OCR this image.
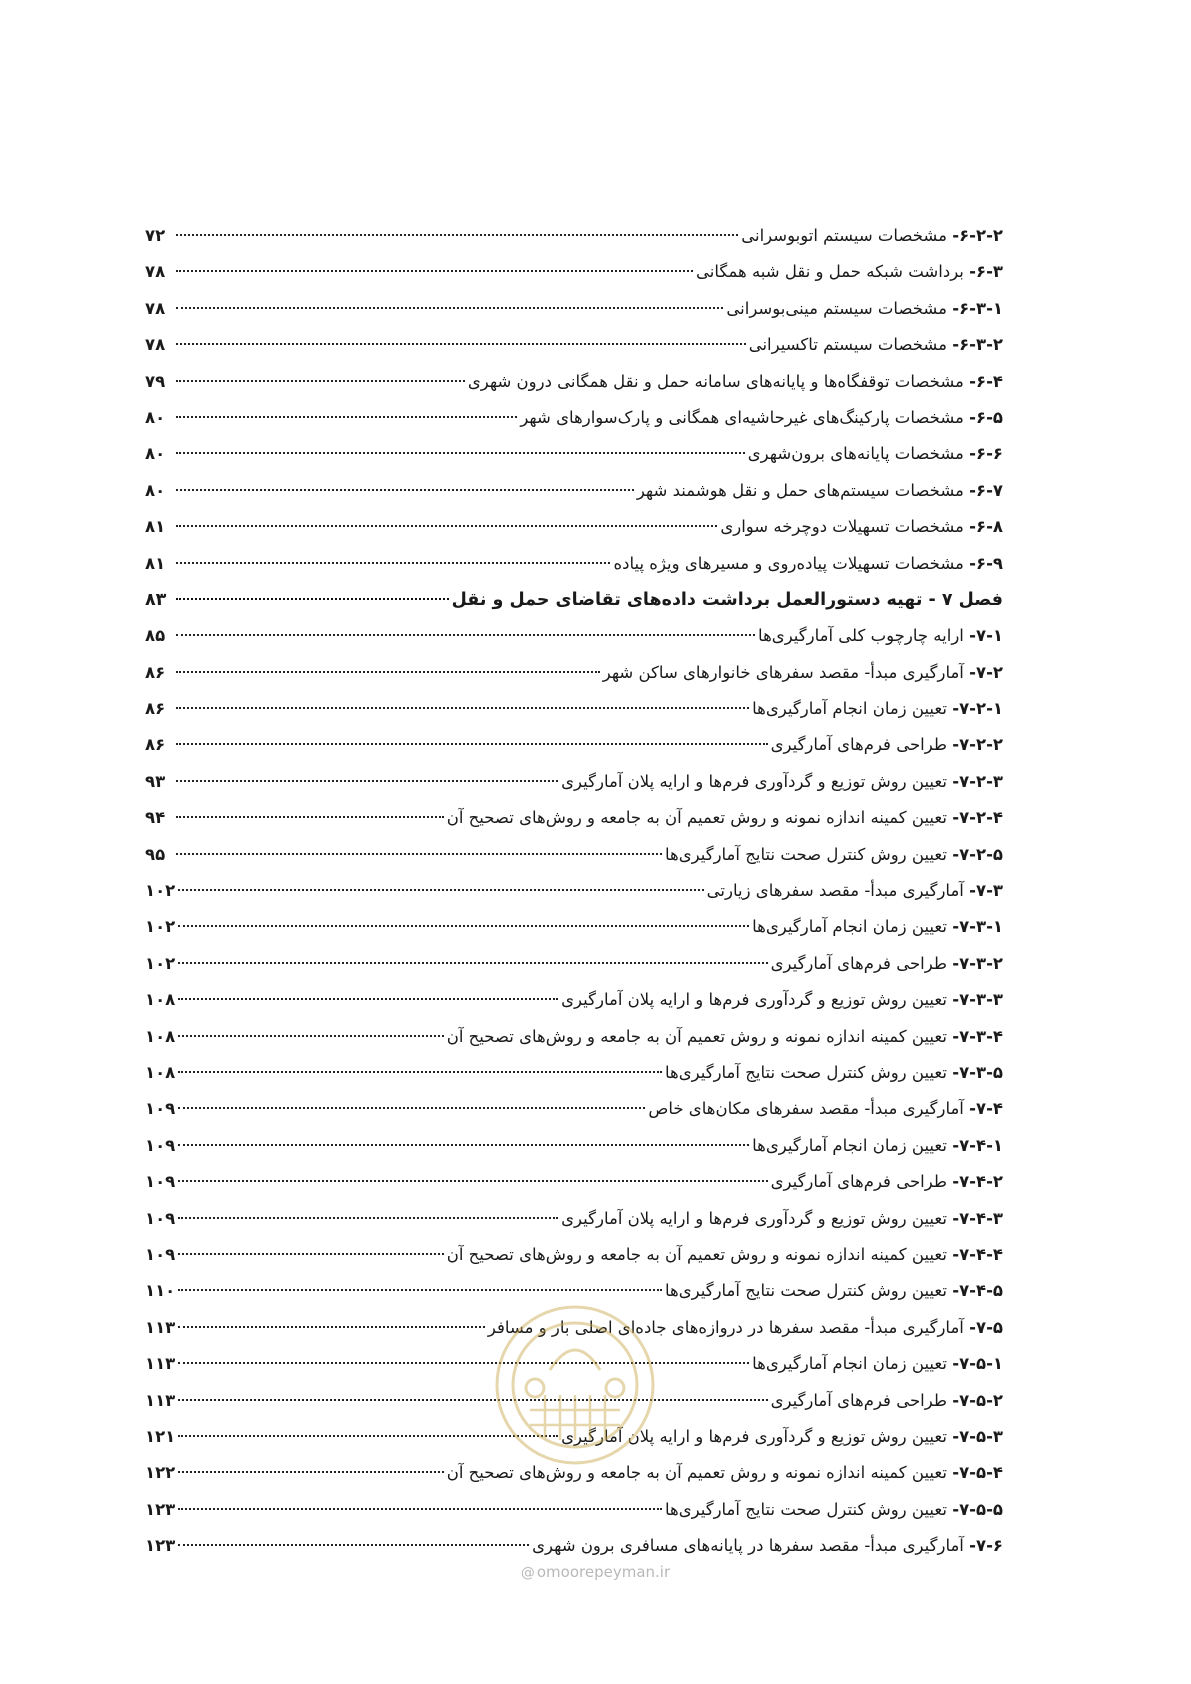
۶-۲-۲- مشخصات سیستم اتوبوسرانی
۷۲
۶-۳- برداشت شبکه حمل و نقل شبه همگانی
۷۸
۶-۳-۱- مشخصات سیستم مینی‌بوسرانی
۷۸
۶-۳-۲- مشخصات سیستم تاکسیرانی
۷۸
۶-۴- مشخصات توقفگاه‌ها و پایانه‌های سامانه حمل و نقل همگانی درون شهری
۷۹
۶-۵- مشخصات پارکینگ‌های غیرحاشیه‌ای همگانی و پارک‌سوارهای شهر
۸۰
۶-۶- مشخصات پایانه‌های برون‌شهری
۸۰
۶-۷- مشخصات سیستم‌های حمل و نقل هوشمند شهر
۸۰
۶-۸- مشخصات تسهیلات دوچرخه سواری
۸۱
۶-۹- مشخصات تسهیلات پیاده‌روی و مسیرهای ویژه پیاده
۸۱
فصل ۷ - تهیه دستورالعمل برداشت داده‌های تقاضای حمل و نقل
۸۳
۷-۱- ارایه چارچوب کلی آمارگیری‌ها
۸۵
۷-۲- آمارگیری مبدأ- مقصد سفرهای خانوارهای ساکن شهر
۸۶
۷-۲-۱- تعیین زمان انجام آمارگیری‌ها
۸۶
۷-۲-۲- طراحی فرم‌های آمارگیری
۸۶
۷-۲-۳- تعیین روش توزیع و گردآوری فرم‌ها و ارایه پلان آمارگیری
۹۳
۷-۲-۴- تعیین کمینه اندازه نمونه و روش تعمیم آن به جامعه و روش‌های تصحیح آن
۹۴
۷-۲-۵- تعیین روش کنترل صحت نتایج آمارگیری‌ها
۹۵
۷-۳- آمارگیری مبدأ- مقصد سفرهای زیارتی
۱۰۲
۷-۳-۱- تعیین زمان انجام آمارگیری‌ها
۱۰۲
۷-۳-۲- طراحی فرم‌های آمارگیری
۱۰۲
۷-۳-۳- تعیین روش توزیع و گردآوری فرم‌ها و ارایه پلان آمارگیری
۱۰۸
۷-۳-۴- تعیین کمینه اندازه نمونه و روش تعمیم آن به جامعه و روش‌های تصحیح آن
۱۰۸
۷-۳-۵- تعیین روش کنترل صحت نتایج آمارگیری‌ها
۱۰۸
۷-۴- آمارگیری مبدأ- مقصد سفرهای مکان‌های خاص
۱۰۹
۷-۴-۱- تعیین زمان انجام آمارگیری‌ها
۱۰۹
۷-۴-۲- طراحی فرم‌های آمارگیری
۱۰۹
۷-۴-۳- تعیین روش توزیع و گردآوری فرم‌ها و ارایه پلان آمارگیری
۱۰۹
۷-۴-۴- تعیین کمینه اندازه نمونه و روش تعمیم آن به جامعه و روش‌های تصحیح آن
۱۰۹
۷-۴-۵- تعیین روش کنترل صحت نتایج آمارگیری‌ها
۱۱۰
۷-۵- آمارگیری مبدأ- مقصد سفرها در دروازه‌های جاده‌ای اصلی بار و مسافر
۱۱۳
۷-۵-۱- تعیین زمان انجام آمارگیری‌ها
۱۱۳
۷-۵-۲- طراحی فرم‌های آمارگیری
۱۱۳
۷-۵-۳- تعیین روش توزیع و گردآوری فرم‌ها و ارایه پلان آمارگیری
۱۲۱
۷-۵-۴- تعیین کمینه اندازه نمونه و روش تعمیم آن به جامعه و روش‌های تصحیح آن
۱۲۲
۷-۵-۵- تعیین روش کنترل صحت نتایج آمارگیری‌ها
۱۲۳
۷-۶- آمارگیری مبدأ- مقصد سفرها در پایانه‌های مسافری برون شهری
۱۲۳
@ omoorepeyman.ir
